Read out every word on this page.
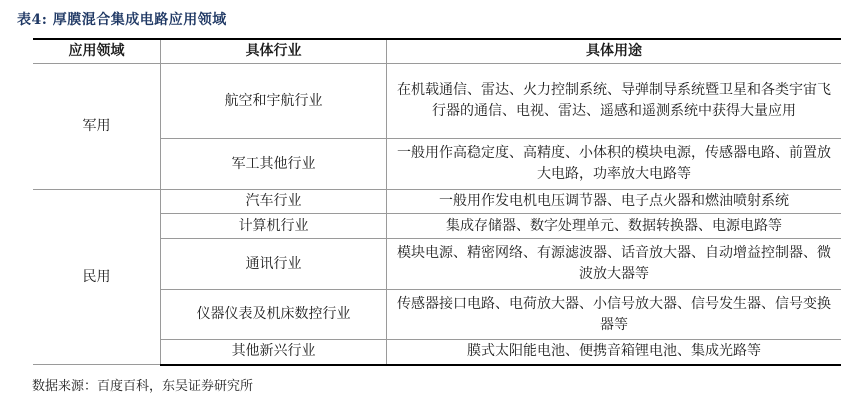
表4: 厚膜混合集成电路应用领域
应用领域	具体行业	具体用途
军用	航空和宇航行业	在机载通信、雷达、火力控制系统、导弹制导系统暨卫星和各类宇宙飞行器的通信、电视、雷达、遥感和遥测系统中获得大量应用
	军工其他行业	一般用作高稳定度、高精度、小体积的模块电源，传感器电路、前置放大电路，功率放大电路等
民用	汽车行业	一般用作发电机电压调节器、电子点火器和燃油喷射系统
	计算机行业	集成存储器、数字处理单元、数据转换器、电源电路等
	通讯行业	模块电源、精密网络、有源滤波器、话音放大器、自动增益控制器、微波放大器等
	仪器仪表及机床数控行业	传感器接口电路、电荷放大器、小信号放大器、信号发生器、信号变换器等
	其他新兴行业	膜式太阳能电池、便携音箱锂电池、集成光路等
数据来源：百度百科，东吴证券研究所
